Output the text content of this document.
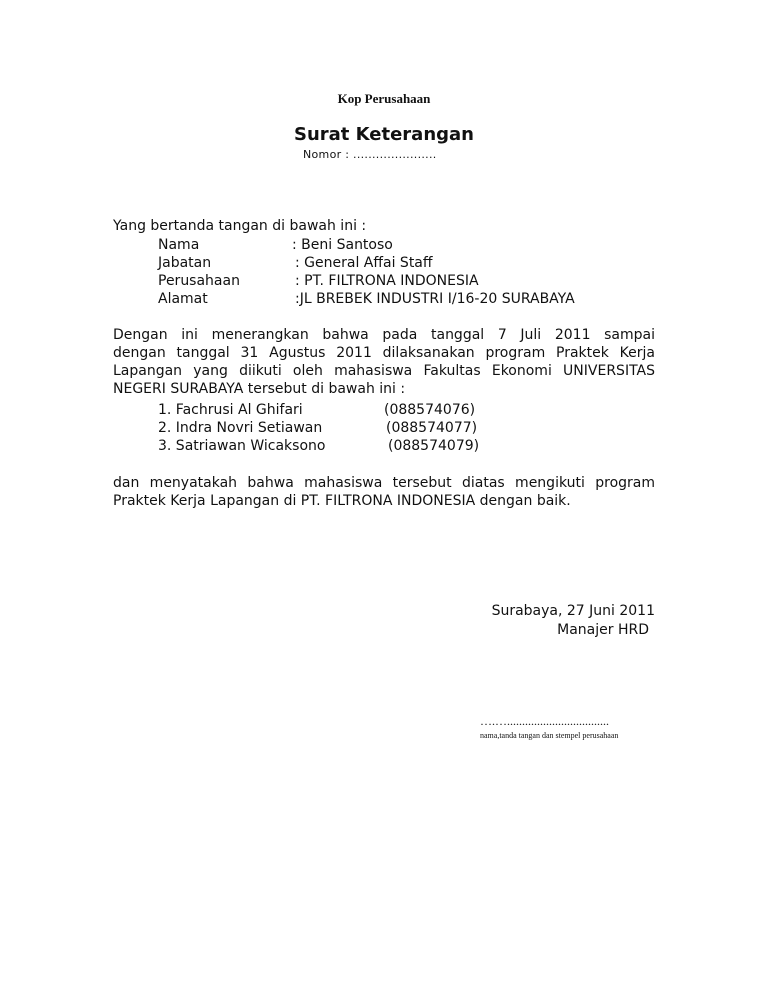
Kop Perusahaan
Surat Keterangan
Nomor : ......................
Yang bertanda tangan di bawah ini :
Nama	: Beni Santoso
Jabatan	: General Affai Staff
Perusahaan	: PT. FILTRONA INDONESIA
Alamat	:JL BREBEK INDUSTRI I/16-20 SURABAYA
Dengan ini menerangkan bahwa pada tanggal 7 Juli 2011 sampai
dengan tanggal 31 Agustus 2011 dilaksanakan program Praktek Kerja
Lapangan yang diikuti oleh mahasiswa Fakultas Ekonomi UNIVERSITAS
NEGERI SURABAYA tersebut di bawah ini :
1. Fachrusi Al Ghifari	(088574076)
2. Indra Novri Setiawan	(088574077)
3. Satriawan Wicaksono	(088574079)
dan menyatakah bahwa mahasiswa tersebut diatas mengikuti program
Praktek Kerja Lapangan di PT. FILTRONA INDONESIA dengan baik.
Surabaya, 27 Juni 2011
Manajer HRD
….…..................................
nama,tanda tangan dan stempel perusahaan
